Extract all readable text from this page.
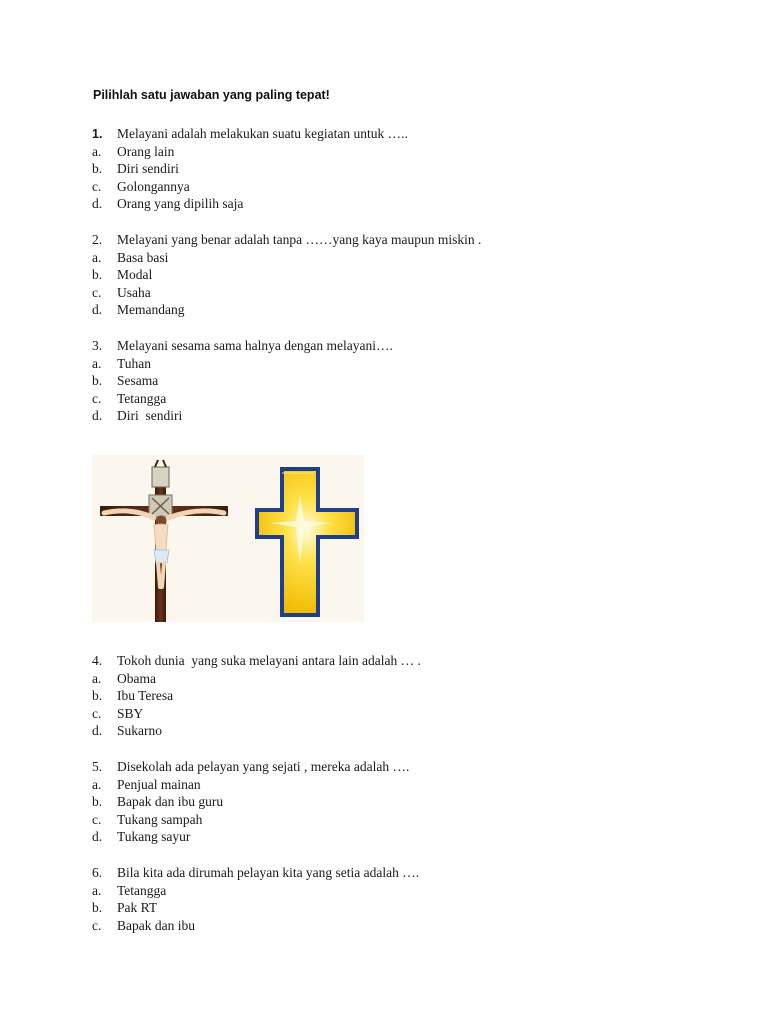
Pilihlah satu jawaban yang paling tepat!
1. Melayani adalah melakukan suatu kegiatan untuk …..
a. Orang lain
b. Diri sendiri
c. Golongannya
d. Orang yang dipilih saja
2. Melayani yang benar adalah tanpa ……yang kaya maupun miskin .
a. Basa basi
b. Modal
c. Usaha
d. Memandang
3. Melayani sesama sama halnya dengan melayani….
a. Tuhan
b. Sesama
c. Tetangga
d. Diri  sendiri
4. Tokoh dunia  yang suka melayani antara lain adalah … .
a. Obama
b. Ibu Teresa
c. SBY
d. Sukarno
5. Disekolah ada pelayan yang sejati , mereka adalah ….
a. Penjual mainan
b. Bapak dan ibu guru
c. Tukang sampah
d. Tukang sayur
6. Bila kita ada dirumah pelayan kita yang setia adalah ….
a. Tetangga
b. Pak RT
c. Bapak dan ibu
